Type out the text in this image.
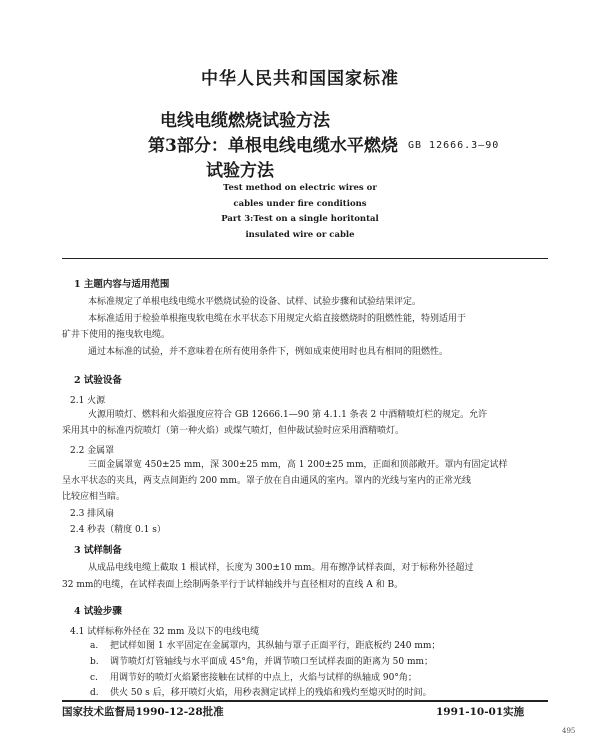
中华人民共和国国家标准
电线电缆燃烧试验方法
第3部分：单根电线电缆水平燃烧
试验方法
GB 12666.3—90
Test method on electric wires or
cables under fire conditions
Part 3:Test on a single horitontal
insulated wire or cable
1 主题内容与适用范围
本标准规定了单根电线电缆水平燃烧试验的设备、试样、试验步骤和试验结果评定。
本标准适用于检验单根拖曳软电缆在水平状态下用规定火焰直接燃烧时的阻燃性能，特别适用于
矿井下使用的拖曳软电缆。
通过本标准的试验，并不意味着在所有使用条件下，例如成束使用时也具有相同的阻燃性。
2 试验设备
2.1 火源
火源用喷灯、燃料和火焰强度应符合 GB 12666.1—90 第 4.1.1 条表 2 中酒精喷灯栏的规定。允许
采用其中的标准丙烷喷灯（第一种火焰）或煤气喷灯，但仲裁试验时应采用酒精喷灯。
2.2 金属罩
三面金属罩宽 450±25 mm，深 300±25 mm，高 1 200±25 mm，正面和顶部敞开。罩内有固定试样
呈水平状态的夹具，两支点间距约 200 mm。罩子放在自由通风的室内。罩内的光线与室内的正常光线
比较应相当暗。
2.3 排风扇
2.4 秒表（精度 0.1 s）
3 试样制备
从成品电线电缆上截取 1 根试样，长度为 300±10 mm。用布擦净试样表面，对于标称外径超过
32 mm的电缆，在试样表面上绘制两条平行于试样轴线并与直径相对的直线 A 和 B。
4 试验步骤
4.1 试样标称外径在 32 mm 及以下的电线电缆
a. 把试样如图 1 水平固定在金属罩内，其纵轴与罩子正面平行，距底板约 240 mm；
b. 调节喷灯灯管轴线与水平面成 45°角，并调节喷口至试样表面的距离为 50 mm；
c. 用调节好的喷灯火焰紧密接触在试样的中点上，火焰与试样的纵轴成 90°角；
d. 供火 50 s 后，移开喷灯火焰，用秒表测定试样上的残焰和残灼至熄灭时的时间。
国家技术监督局1990-12-28批准	1991-10-01实施
495
